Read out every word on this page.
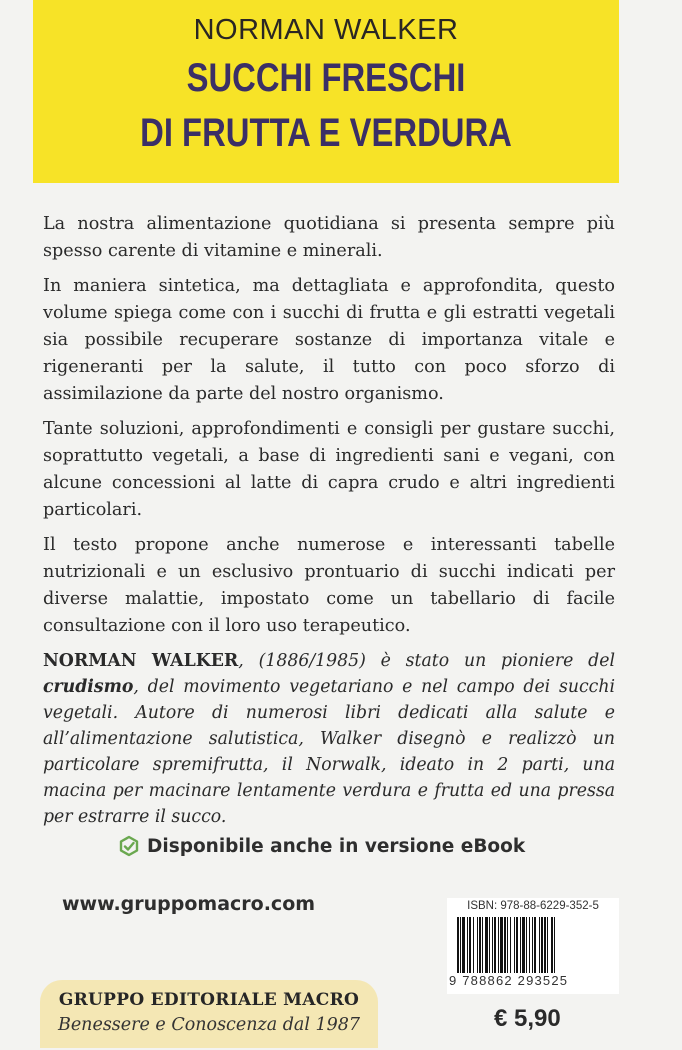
NORMAN WALKER
SUCCHI FRESCHI
DI FRUTTA E VERDURA

La nostra alimentazione quotidiana si presenta sempre più spesso carente di vitamine e minerali.

In maniera sintetica, ma dettagliata e approfondita, questo volume spiega come con i succhi di frutta e gli estratti vegetali sia possibile recuperare sostanze di importanza vitale e rigeneranti per la salute, il tutto con poco sforzo di assimilazione da parte del nostro organismo.

Tante soluzioni, approfondimenti e consigli per gustare succhi, soprattutto vegetali, a base di ingredienti sani e vegani, con alcune concessioni al latte di capra crudo e altri ingredienti particolari.

Il testo propone anche numerose e interessanti tabelle nutrizionali e un esclusivo prontuario di succhi indicati per diverse malattie, impostato come un tabellario di facile consultazione con il loro uso terapeutico.

NORMAN WALKER, (1886/1985) è stato un pioniere del crudismo, del movimento vegetariano e nel campo dei succhi vegetali. Autore di numerosi libri dedicati alla salute e all’alimentazione salutistica, Walker disegnò e realizzò un particolare spremifrutta, il Norwalk, ideato in 2 parti, una macina per macinare lentamente verdura e frutta ed una pressa per estrarre il succo.

Disponibile anche in versione eBook
www.gruppomacro.com
GRUPPO EDITORIALE MACRO
Benessere e Conoscenza dal 1987
ISBN: 978-88-6229-352-5
9 788862 293525
€ 5,90
